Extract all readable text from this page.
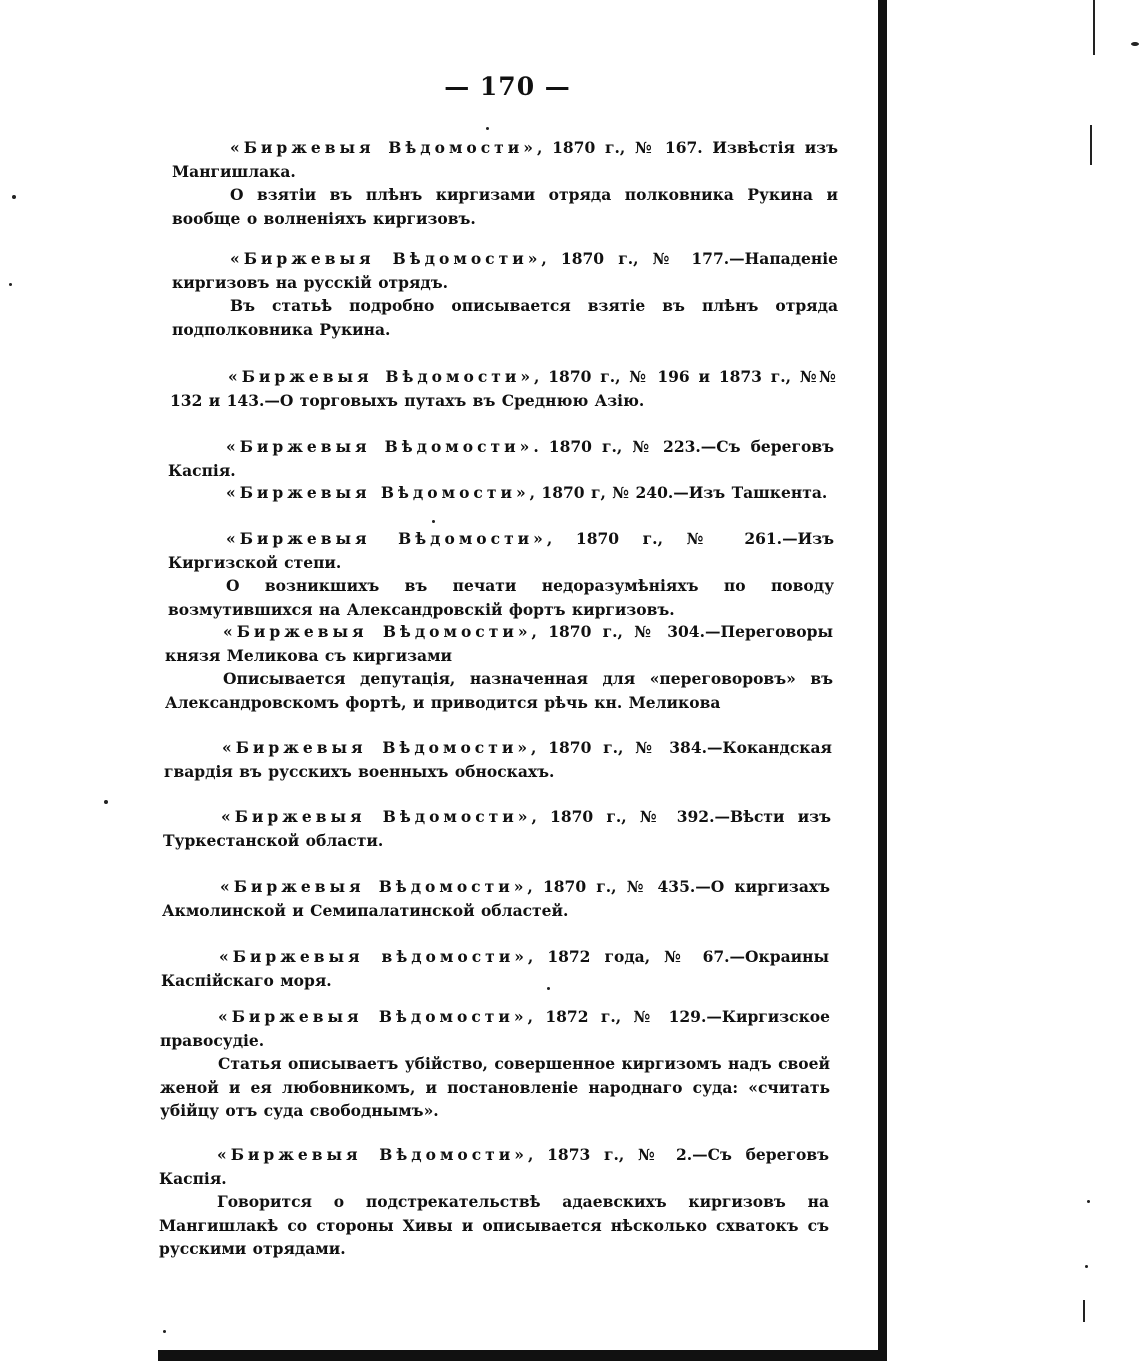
— 170 —

«Биржевыя Вѣдомости», 1870 г., № 167. Извѣстія изъ Мангишлака.

О взятіи въ плѣнъ киргизами отряда полковника Рукина и вообще о волненіяхъ киргизовъ.

«Биржевыя Вѣдомости», 1870 г., № 177.—Нападеніе киргизовъ на русскій отрядъ.

Въ статьѣ подробно описывается взятіе въ плѣнъ отряда подполковника Рукина.

«Биржевыя Вѣдомости», 1870 г., № 196 и 1873 г., №№ 132 и 143.—О торговыхъ путахъ въ Среднюю Азію.

«Биржевыя Вѣдомости». 1870 г., № 223.—Съ береговъ Каспія.

«Биржевыя Вѣдомости», 1870 г, № 240.—Изъ Ташкента.

«Биржевыя Вѣдомости», 1870 г., № 261.—Изъ Киргизской степи.

О возникшихъ въ печати недоразумѣніяхъ по поводу возмутившихся на Александровскій фортъ киргизовъ.

«Биржевыя Вѣдомости», 1870 г., № 304.—Переговоры князя Меликова съ киргизами

Описывается депутація, назначенная для «переговоровъ» въ Александровскомъ фортѣ, и приводится рѣчь кн. Меликова

«Биржевыя Вѣдомости», 1870 г., № 384.—Кокандская гвардія въ русскихъ военныхъ обноскахъ.

«Биржевыя Вѣдомости», 1870 г., № 392.—Вѣсти изъ Туркестанской области.

«Биржевыя Вѣдомости», 1870 г., № 435.—О киргизахъ Акмолинской и Семипалатинской областей.

«Биржевыя вѣдомости», 1872 года, № 67.—Окраины Каспійскаго моря.

«Биржевыя Вѣдомости», 1872 г., № 129.—Киргизское правосудіе.

Статья описываетъ убійство, совершенное киргизомъ надъ своей женой и ея любовникомъ, и постановленіе народнаго суда: «считать убійцу отъ суда свободнымъ».

«Биржевыя Вѣдомости», 1873 г., № 2.—Съ береговъ Каспія.

Говорится о подстрекательствѣ адаевскихъ киргизовъ на Мангишлакѣ со стороны Хивы и описывается нѣсколько схватокъ съ русскими отрядами.
